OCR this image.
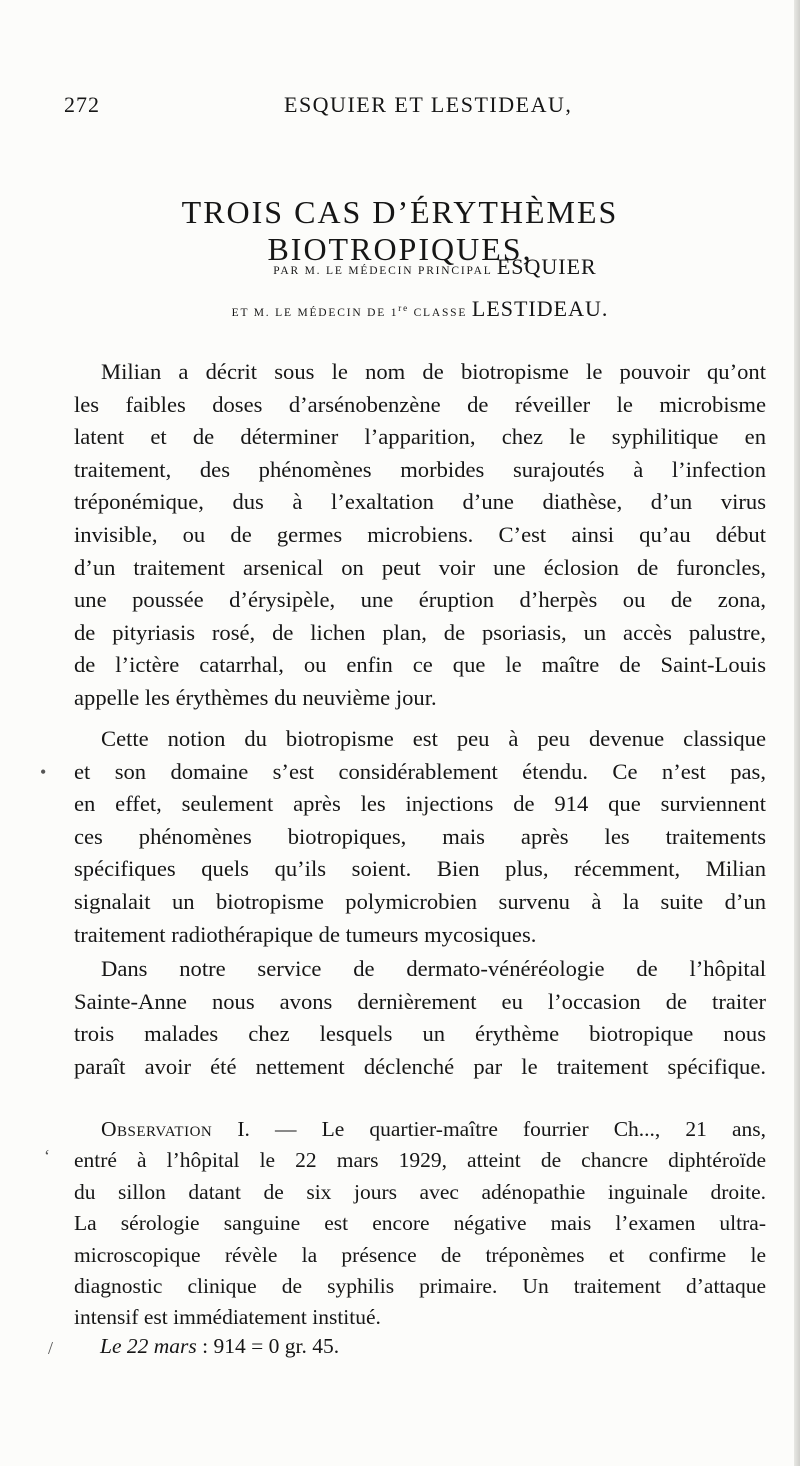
272	ESQUIER ET LESTIDEAU,
TROIS CAS D’ÉRYTHÈMES BIOTROPIQUES,
PAR M. LE MÉDECIN PRINCIPAL ESQUIER
ET M. LE MÉDECIN DE 1re CLASSE LESTIDEAU.
Milian a décrit sous le nom de biotropisme le pouvoir qu’ont
les faibles doses d’arsénobenzène de réveiller le microbisme
latent et de déterminer l’apparition, chez le syphilitique en
traitement, des phénomènes morbides surajoutés à l’infection
tréponémique, dus à l’exaltation d’une diathèse, d’un virus
invisible, ou de germes microbiens. C’est ainsi qu’au début
d’un traitement arsenical on peut voir une éclosion de furoncles,
une poussée d’érysipèle, une éruption d’herpès ou de zona,
de pityriasis rosé, de lichen plan, de psoriasis, un accès palustre,
de l’ictère catarrhal, ou enfin ce que le maître de Saint-Louis
appelle les érythèmes du neuvième jour.
Cette notion du biotropisme est peu à peu devenue classique
et son domaine s’est considérablement étendu. Ce n’est pas,
en effet, seulement après les injections de 914 que surviennent
ces phénomènes biotropiques, mais après les traitements
spécifiques quels qu’ils soient. Bien plus, récemment, Milian
signalait un biotropisme polymicrobien survenu à la suite d’un
traitement radiothérapique de tumeurs mycosiques.
Dans notre service de dermato-vénéréologie de l’hôpital
Sainte-Anne nous avons dernièrement eu l’occasion de traiter
trois malades chez lesquels un érythème biotropique nous
paraît avoir été nettement déclenché par le traitement spécifique.
Observation I. — Le quartier-maître fourrier Ch..., 21 ans,
entré à l’hôpital le 22 mars 1929, atteint de chancre diphtéroïde
du sillon datant de six jours avec adénopathie inguinale droite.
La sérologie sanguine est encore négative mais l’examen ultra-
microscopique révèle la présence de tréponèmes et confirme le
diagnostic clinique de syphilis primaire. Un traitement d’attaque
intensif est immédiatement institué.
Le 22 mars : 914 = 0 gr. 45.
•
‘
/
